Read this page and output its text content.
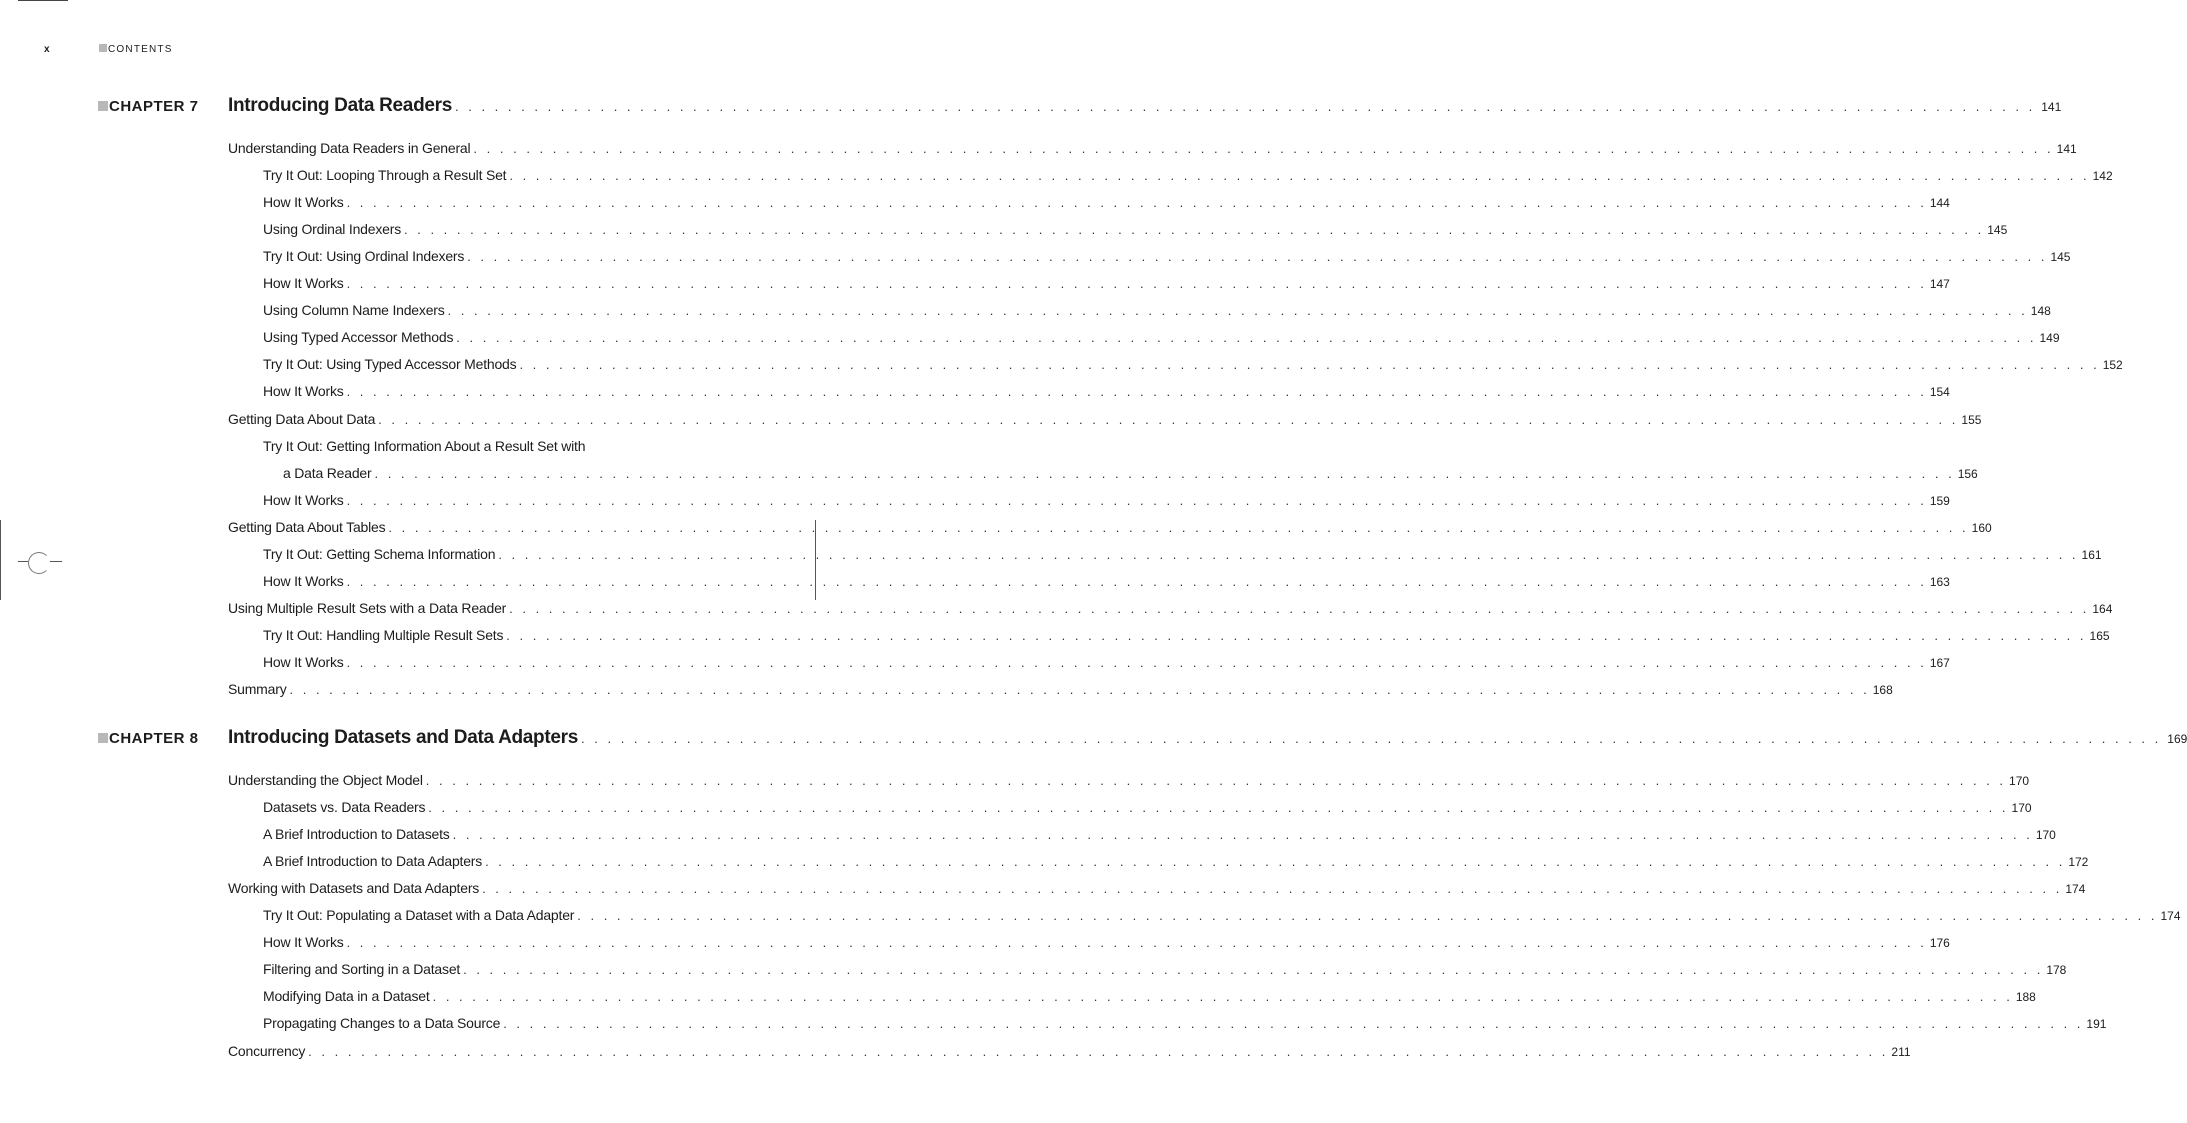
x	CONTENTS
CHAPTER 7 Introducing Data Readers . . . . . . . . . . . . . . . . . . . . . . . . . . . . . . . . . . . . . . . . . . . . . . . . . . . . . . . . . . . . . . . . . . . . . . . . . . . . . . . . . . . . . . . . . . . . . . . . . . . . . . . . . . . . . . . . . . . . . . . . 141
Understanding Data Readers in General . . . . . . . . . . . . . . . . . . . . . . . . . . . . . . . . . . . . . . . . . . . . . . . . . . . . . . . . . . . . . . . . . . . . . . . . . . . . . . . . . . . . . . . . . . . . . . . . . . . . . . . . . . . . . . . . . . . . . . . . 141
Try It Out: Looping Through a Result Set . . . . . . . . . . . . . . . . . . . . . . . . . . . . . . . . . . . . . . . . . . . . . . . . . . . . . . . . . . . . . . . . . . . . . . . . . . . . . . . . . . . . . . . . . . . . . . . . . . . . . . . . . . . . . . . . . . . . . . . . 142
How It Works . . . . . . . . . . . . . . . . . . . . . . . . . . . . . . . . . . . . . . . . . . . . . . . . . . . . . . . . . . . . . . . . . . . . . . . . . . . . . . . . . . . . . . . . . . . . . . . . . . . . . . . . . . . . . . . . . . . . . . . . 144
Using Ordinal Indexers . . . . . . . . . . . . . . . . . . . . . . . . . . . . . . . . . . . . . . . . . . . . . . . . . . . . . . . . . . . . . . . . . . . . . . . . . . . . . . . . . . . . . . . . . . . . . . . . . . . . . . . . . . . . . . . . . . . . . . . . 145
Try It Out: Using Ordinal Indexers . . . . . . . . . . . . . . . . . . . . . . . . . . . . . . . . . . . . . . . . . . . . . . . . . . . . . . . . . . . . . . . . . . . . . . . . . . . . . . . . . . . . . . . . . . . . . . . . . . . . . . . . . . . . . . . . . . . . . . . . 145
How It Works . . . . . . . . . . . . . . . . . . . . . . . . . . . . . . . . . . . . . . . . . . . . . . . . . . . . . . . . . . . . . . . . . . . . . . . . . . . . . . . . . . . . . . . . . . . . . . . . . . . . . . . . . . . . . . . . . . . . . . . . 147
Using Column Name Indexers . . . . . . . . . . . . . . . . . . . . . . . . . . . . . . . . . . . . . . . . . . . . . . . . . . . . . . . . . . . . . . . . . . . . . . . . . . . . . . . . . . . . . . . . . . . . . . . . . . . . . . . . . . . . . . . . . . . . . . . . 148
Using Typed Accessor Methods . . . . . . . . . . . . . . . . . . . . . . . . . . . . . . . . . . . . . . . . . . . . . . . . . . . . . . . . . . . . . . . . . . . . . . . . . . . . . . . . . . . . . . . . . . . . . . . . . . . . . . . . . . . . . . . . . . . . . . . . 149
Try It Out: Using Typed Accessor Methods . . . . . . . . . . . . . . . . . . . . . . . . . . . . . . . . . . . . . . . . . . . . . . . . . . . . . . . . . . . . . . . . . . . . . . . . . . . . . . . . . . . . . . . . . . . . . . . . . . . . . . . . . . . . . . . . . . . . . . . . 152
How It Works . . . . . . . . . . . . . . . . . . . . . . . . . . . . . . . . . . . . . . . . . . . . . . . . . . . . . . . . . . . . . . . . . . . . . . . . . . . . . . . . . . . . . . . . . . . . . . . . . . . . . . . . . . . . . . . . . . . . . . . . 154
Getting Data About Data . . . . . . . . . . . . . . . . . . . . . . . . . . . . . . . . . . . . . . . . . . . . . . . . . . . . . . . . . . . . . . . . . . . . . . . . . . . . . . . . . . . . . . . . . . . . . . . . . . . . . . . . . . . . . . . . . . . . . . . . 155
Try It Out: Getting Information About a Result Set with
a Data Reader . . . . . . . . . . . . . . . . . . . . . . . . . . . . . . . . . . . . . . . . . . . . . . . . . . . . . . . . . . . . . . . . . . . . . . . . . . . . . . . . . . . . . . . . . . . . . . . . . . . . . . . . . . . . . . . . . . . . . . . . 156
How It Works . . . . . . . . . . . . . . . . . . . . . . . . . . . . . . . . . . . . . . . . . . . . . . . . . . . . . . . . . . . . . . . . . . . . . . . . . . . . . . . . . . . . . . . . . . . . . . . . . . . . . . . . . . . . . . . . . . . . . . . . 159
Getting Data About Tables . . . . . . . . . . . . . . . . . . . . . . . . . . . . . . . . . . . . . . . . . . . . . . . . . . . . . . . . . . . . . . . . . . . . . . . . . . . . . . . . . . . . . . . . . . . . . . . . . . . . . . . . . . . . . . . . . . . . . . . . 160
Try It Out: Getting Schema Information . . . . . . . . . . . . . . . . . . . . . . . . . . . . . . . . . . . . . . . . . . . . . . . . . . . . . . . . . . . . . . . . . . . . . . . . . . . . . . . . . . . . . . . . . . . . . . . . . . . . . . . . . . . . . . . . . . . . . . . . 161
How It Works . . . . . . . . . . . . . . . . . . . . . . . . . . . . . . . . . . . . . . . . . . . . . . . . . . . . . . . . . . . . . . . . . . . . . . . . . . . . . . . . . . . . . . . . . . . . . . . . . . . . . . . . . . . . . . . . . . . . . . . . 163
Using Multiple Result Sets with a Data Reader . . . . . . . . . . . . . . . . . . . . . . . . . . . . . . . . . . . . . . . . . . . . . . . . . . . . . . . . . . . . . . . . . . . . . . . . . . . . . . . . . . . . . . . . . . . . . . . . . . . . . . . . . . . . . . . . . . . . . . . . 164
Try It Out: Handling Multiple Result Sets . . . . . . . . . . . . . . . . . . . . . . . . . . . . . . . . . . . . . . . . . . . . . . . . . . . . . . . . . . . . . . . . . . . . . . . . . . . . . . . . . . . . . . . . . . . . . . . . . . . . . . . . . . . . . . . . . . . . . . . . 165
How It Works . . . . . . . . . . . . . . . . . . . . . . . . . . . . . . . . . . . . . . . . . . . . . . . . . . . . . . . . . . . . . . . . . . . . . . . . . . . . . . . . . . . . . . . . . . . . . . . . . . . . . . . . . . . . . . . . . . . . . . . . 167
Summary . . . . . . . . . . . . . . . . . . . . . . . . . . . . . . . . . . . . . . . . . . . . . . . . . . . . . . . . . . . . . . . . . . . . . . . . . . . . . . . . . . . . . . . . . . . . . . . . . . . . . . . . . . . . . . . . . . . . . . . . 168
CHAPTER 8 Introducing Datasets and Data Adapters . . . . . . . . . . . . . . . . . . . . . . . . . . . . . . . . . . . . . . . . . . . . . . . . . . . . . . . . . . . . . . . . . . . . . . . . . . . . . . . . . . . . . . . . . . . . . . . . . . . . . . . . . . . . . . . . . . . . . . . . 169
Understanding the Object Model . . . . . . . . . . . . . . . . . . . . . . . . . . . . . . . . . . . . . . . . . . . . . . . . . . . . . . . . . . . . . . . . . . . . . . . . . . . . . . . . . . . . . . . . . . . . . . . . . . . . . . . . . . . . . . . . . . . . . . . . 170
Datasets vs. Data Readers . . . . . . . . . . . . . . . . . . . . . . . . . . . . . . . . . . . . . . . . . . . . . . . . . . . . . . . . . . . . . . . . . . . . . . . . . . . . . . . . . . . . . . . . . . . . . . . . . . . . . . . . . . . . . . . . . . . . . . . . 170
A Brief Introduction to Datasets . . . . . . . . . . . . . . . . . . . . . . . . . . . . . . . . . . . . . . . . . . . . . . . . . . . . . . . . . . . . . . . . . . . . . . . . . . . . . . . . . . . . . . . . . . . . . . . . . . . . . . . . . . . . . . . . . . . . . . . . 170
A Brief Introduction to Data Adapters . . . . . . . . . . . . . . . . . . . . . . . . . . . . . . . . . . . . . . . . . . . . . . . . . . . . . . . . . . . . . . . . . . . . . . . . . . . . . . . . . . . . . . . . . . . . . . . . . . . . . . . . . . . . . . . . . . . . . . . . 172
Working with Datasets and Data Adapters . . . . . . . . . . . . . . . . . . . . . . . . . . . . . . . . . . . . . . . . . . . . . . . . . . . . . . . . . . . . . . . . . . . . . . . . . . . . . . . . . . . . . . . . . . . . . . . . . . . . . . . . . . . . . . . . . . . . . . . . 174
Try It Out: Populating a Dataset with a Data Adapter . . . . . . . . . . . . . . . . . . . . . . . . . . . . . . . . . . . . . . . . . . . . . . . . . . . . . . . . . . . . . . . . . . . . . . . . . . . . . . . . . . . . . . . . . . . . . . . . . . . . . . . . . . . . . . . . . . . . . . . . 174
How It Works . . . . . . . . . . . . . . . . . . . . . . . . . . . . . . . . . . . . . . . . . . . . . . . . . . . . . . . . . . . . . . . . . . . . . . . . . . . . . . . . . . . . . . . . . . . . . . . . . . . . . . . . . . . . . . . . . . . . . . . . 176
Filtering and Sorting in a Dataset . . . . . . . . . . . . . . . . . . . . . . . . . . . . . . . . . . . . . . . . . . . . . . . . . . . . . . . . . . . . . . . . . . . . . . . . . . . . . . . . . . . . . . . . . . . . . . . . . . . . . . . . . . . . . . . . . . . . . . . . 178
Modifying Data in a Dataset . . . . . . . . . . . . . . . . . . . . . . . . . . . . . . . . . . . . . . . . . . . . . . . . . . . . . . . . . . . . . . . . . . . . . . . . . . . . . . . . . . . . . . . . . . . . . . . . . . . . . . . . . . . . . . . . . . . . . . . . 188
Propagating Changes to a Data Source . . . . . . . . . . . . . . . . . . . . . . . . . . . . . . . . . . . . . . . . . . . . . . . . . . . . . . . . . . . . . . . . . . . . . . . . . . . . . . . . . . . . . . . . . . . . . . . . . . . . . . . . . . . . . . . . . . . . . . . . 191
Concurrency . . . . . . . . . . . . . . . . . . . . . . . . . . . . . . . . . . . . . . . . . . . . . . . . . . . . . . . . . . . . . . . . . . . . . . . . . . . . . . . . . . . . . . . . . . . . . . . . . . . . . . . . . . . . . . . . . . . . . . . . 211
